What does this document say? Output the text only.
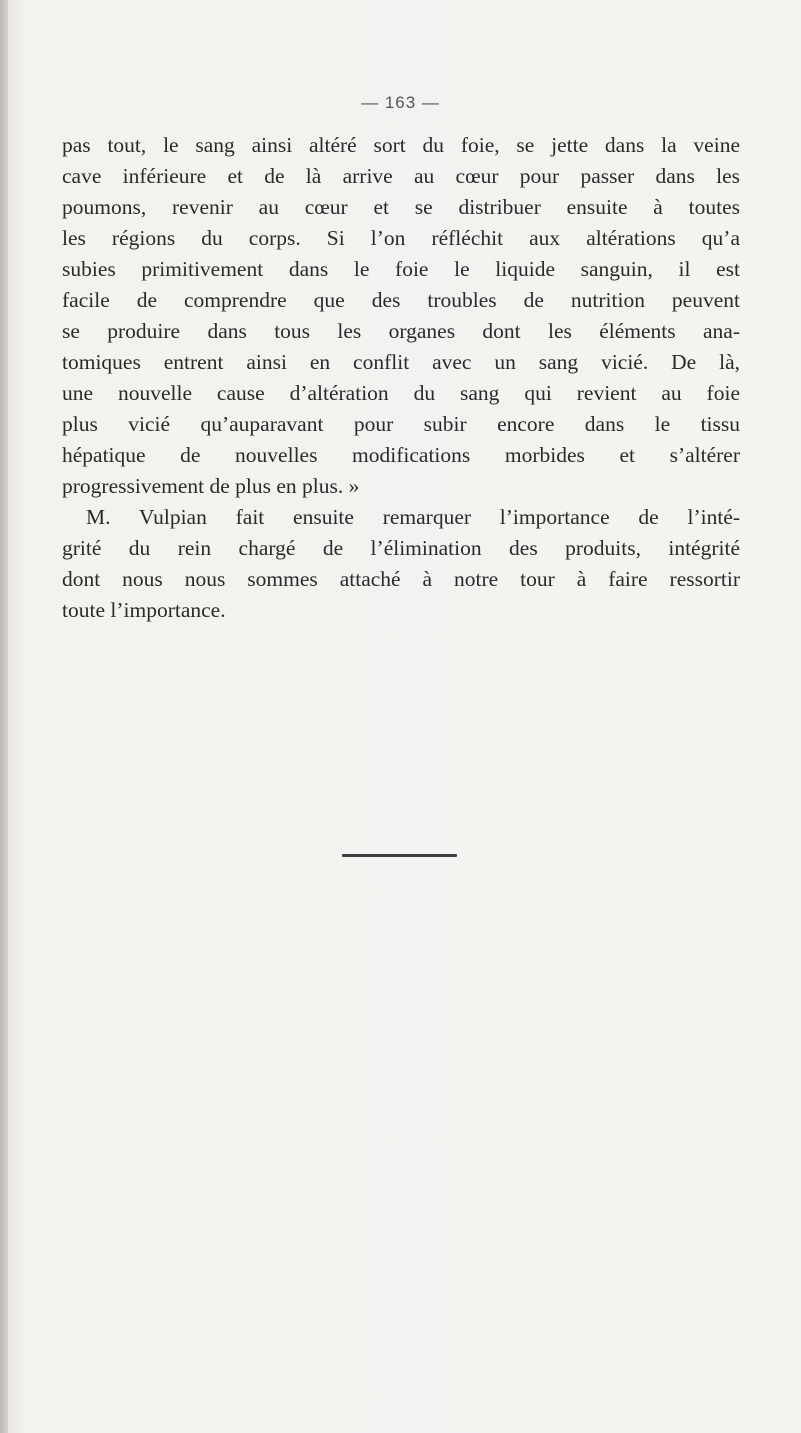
— 163 —
pas tout, le sang ainsi altéré sort du foie, se jette dans la veine
cave inférieure et de là arrive au cœur pour passer dans les
poumons, revenir au cœur et se distribuer ensuite à toutes
les régions du corps. Si l’on réfléchit aux altérations qu’a
subies primitivement dans le foie le liquide sanguin, il est
facile de comprendre que des troubles de nutrition peuvent
se produire dans tous les organes dont les éléments ana-
tomiques entrent ainsi en conflit avec un sang vicié. De là,
une nouvelle cause d’altération du sang qui revient au foie
plus vicié qu’auparavant pour subir encore dans le tissu
hépatique de nouvelles modifications morbides et s’altérer
progressivement de plus en plus. »
M. Vulpian fait ensuite remarquer l’importance de l’inté-
grité du rein chargé de l’élimination des produits, intégrité
dont nous nous sommes attaché à notre tour à faire ressortir
toute l’importance.
